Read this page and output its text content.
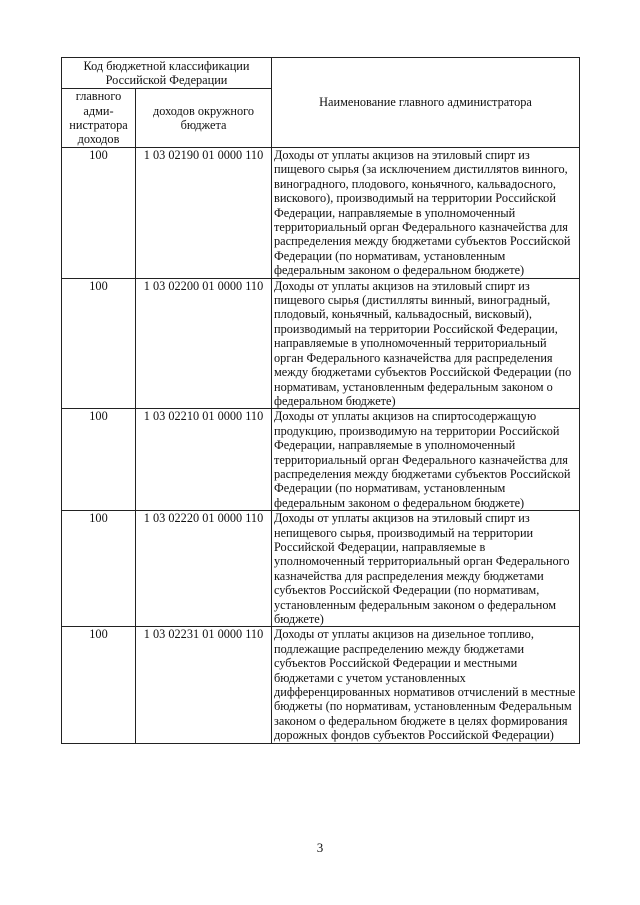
Код бюджетной классификации Российской Федерации		Наименование главного администратора
главного адми-нистратора доходов	доходов окружного бюджета	
100	1 03 02190 01 0000 110	Доходы от уплаты акцизов на этиловый спирт из пищевого сырья (за исключением дистиллятов винного, виноградного, плодового, коньячного, кальвадосного, вискового), производимый на территории Российской Федерации, направляемые в уполномоченный территориальный орган Федерального казначейства для распределения между бюджетами субъектов Российской Федерации (по нормативам, установленным федеральным законом о федеральном бюджете)
100	1 03 02200 01 0000 110	Доходы от уплаты акцизов на этиловый спирт из пищевого сырья (дистилляты винный, виноградный, плодовый, коньячный, кальвадосный, висковый), производимый на территории Российской Федерации, направляемые в уполномоченный территориальный орган Федерального казначейства для распределения между бюджетами субъектов Российской Федерации (по нормативам, установленным федеральным законом о федеральном бюджете)
100	1 03 02210 01 0000 110	Доходы от уплаты акцизов на спиртосодержащую продукцию, производимую на территории Российской Федерации, направляемые в уполномоченный территориальный орган Федерального казначейства для распределения между бюджетами субъектов Российской Федерации (по нормативам, установленным федеральным законом о федеральном бюджете)
100	1 03 02220 01 0000 110	Доходы от уплаты акцизов на этиловый спирт из непищевого сырья, производимый на территории Российской Федерации, направляемые в уполномоченный территориальный орган Федерального казначейства для распределения между бюджетами субъектов Российской Федерации (по нормативам, установленным федеральным законом о федеральном бюджете)
100	1 03 02231 01 0000 110	Доходы от уплаты акцизов на дизельное топливо, подлежащие распределению между бюджетами субъектов Российской Федерации и местными бюджетами с учетом установленных дифференцированных нормативов отчислений в местные бюджеты (по нормативам, установленным Федеральным законом о федеральном бюджете в целях формирования дорожных фондов субъектов Российской Федерации)
3
